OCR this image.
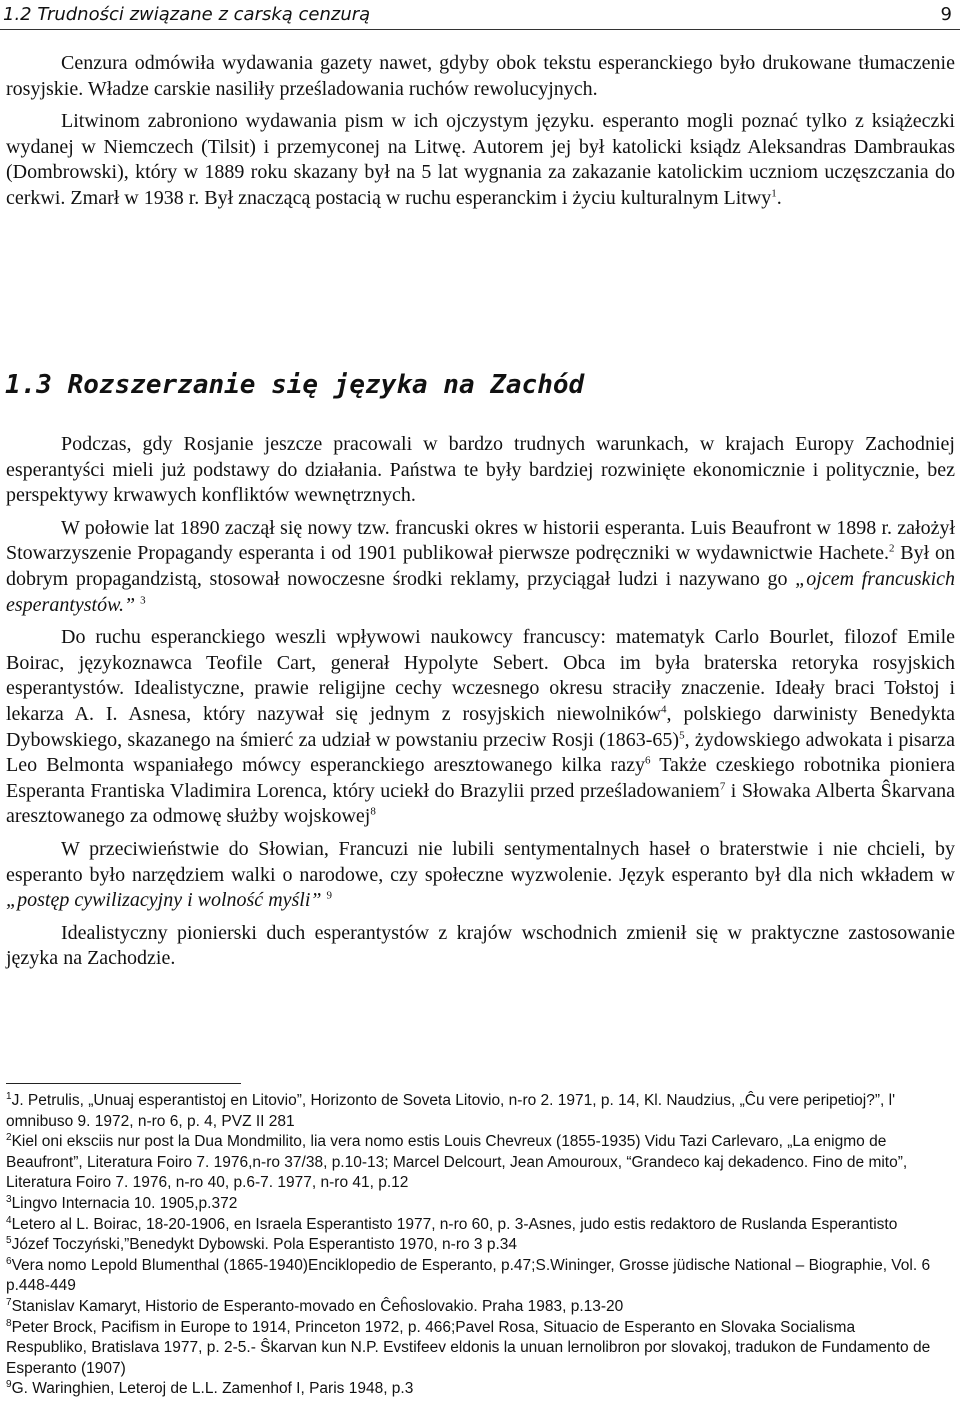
1.2 Trudności związane z carską cenzurą	9

Cenzura odmówiła wydawania gazety nawet, gdyby obok tekstu esperanckiego było drukowane tłumaczenie rosyjskie. Władze carskie nasiliły prześladowania ruchów rewolucyjnych.

Litwinom zabroniono wydawania pism w ich ojczystym języku. esperanto mogli poznać tylko z książeczki wydanej w Niemczech (Tilsit) i przemyconej na Litwę. Autorem jej był katolicki ksiądz Aleksandras Dambraukas (Dombrowski), który w 1889 roku skazany był na 5 lat wygnania za zakazanie katolickim uczniom uczęszczania do cerkwi. Zmarł w 1938 r. Był znaczącą postacią w ruchu esperanckim i życiu kulturalnym Litwy$^1$.

1.3 Rozszerzanie się języka na Zachód

Podczas, gdy Rosjanie jeszcze pracowali w bardzo trudnych warunkach, w krajach Europy Zachodniej esperantyści mieli już podstawy do działania. Państwa te były bardziej rozwinięte ekonomicznie i politycznie, bez perspektywy krwawych konfliktów wewnętrznych.

W połowie lat 1890 zaczął się nowy tzw. francuski okres w historii esperanta. Luis Beaufront w 1898 r. założył Stowarzyszenie Propagandy esperanta i od 1901 publikował pierwsze podręczniki w wydawnictwie Hachete.$^2$ Był on dobrym propagandzistą, stosował nowoczesne środki reklamy, przyciągał ludzi i nazywano go „ojcem francuskich esperantystów.” $^3$

Do ruchu esperanckiego weszli wpływowi naukowcy francuscy: matematyk Carlo Bourlet, filozof Emile Boirac, językoznawca Teofile Cart, generał Hypolyte Sebert. Obca im była braterska retoryka rosyjskich esperantystów. Idealistyczne, prawie religijne cechy wczesnego okresu straciły znaczenie. Ideały braci Tołstoj i lekarza A. I. Asnesa, który nazywał się jednym z rosyjskich niewolników$^4$, polskiego darwinisty Benedykta Dybowskiego, skazanego na śmierć za udział w powstaniu przeciw Rosji (1863-65)$^5$, żydowskiego adwokata i pisarza Leo Belmonta wspaniałego mówcy esperanckiego aresztowanego kilka razy$^6$ Także czeskiego robotnika pioniera Esperanta Frantiska Vladimira Lorenca, który uciekł do Brazylii przed prześladowaniem$^7$ i Słowaka Alberta Ŝkarvana aresztowanego za odmowę służby wojskowej$^8$

W przeciwieństwie do Słowian, Francuzi nie lubili sentymentalnych haseł o braterstwie i nie chcieli, by esperanto było narzędziem walki o narodowe, czy społeczne wyzwolenie. Język esperanto był dla nich wkładem w „postęp cywilizacyjny i wolność myśli” $^9$

Idealistyczny pionierski duch esperantystów z krajów wschodnich zmienił się w praktyczne zastosowanie języka na Zachodzie.

$^1$J. Petrulis, „Unuaj esperantistoj en Litovio”, Horizonto de Soveta Litovio, n-ro 2. 1971, p. 14, Kl. Naudzius, „Ĉu vere peripetioj?”, l' omnibuso 9. 1972, n-ro 6, p. 4, PVZ II 281
$^2$Kiel oni eksciis nur post la Dua Mondmilito, lia vera nomo estis Louis Chevreux (1855-1935) Vidu Tazi Carlevaro, „La enigmo de Beaufront”, Literatura Foiro 7. 1976,n-ro 37/38, p.10-13; Marcel Delcourt, Jean Amouroux, “Grandeco kaj dekadenco. Fino de mito”, Literatura Foiro 7. 1976, n-ro 40, p.6-7. 1977, n-ro 41, p.12
$^3$Lingvo Internacia 10. 1905,p.372
$^4$Letero al L. Boirac, 18-20-1906, en Israela Esperantisto 1977, n-ro 60, p. 3-Asnes, judo estis redaktoro de Ruslanda Esperantisto
$^5$Józef Toczyński,”Benedykt Dybowski. Pola Esperantisto 1970, n-ro 3 p.34
$^6$Vera nomo Lepold Blumenthal (1865-1940)Enciklopedio de Esperanto, p.47;S.Wininger, Grosse jüdische National – Biographie, Vol. 6 p.448-449
$^7$Stanislav Kamaryt, Historio de Esperanto-movado en Ĉeĥoslovakio. Praha 1983, p.13-20
$^8$Peter Brock, Pacifism in Europe to 1914, Princeton 1972, p. 466;Pavel Rosa, Situacio de Esperanto en Slovaka Socialisma Respubliko, Bratislava 1977, p. 2-5.- Ŝkarvan kun N.P. Evstifeev eldonis la unuan lernolibron por slovakoj, tradukon de Fundamento de Esperanto (1907)
$^9$G. Waringhien, Leteroj de L.L. Zamenhof I, Paris 1948, p.3
